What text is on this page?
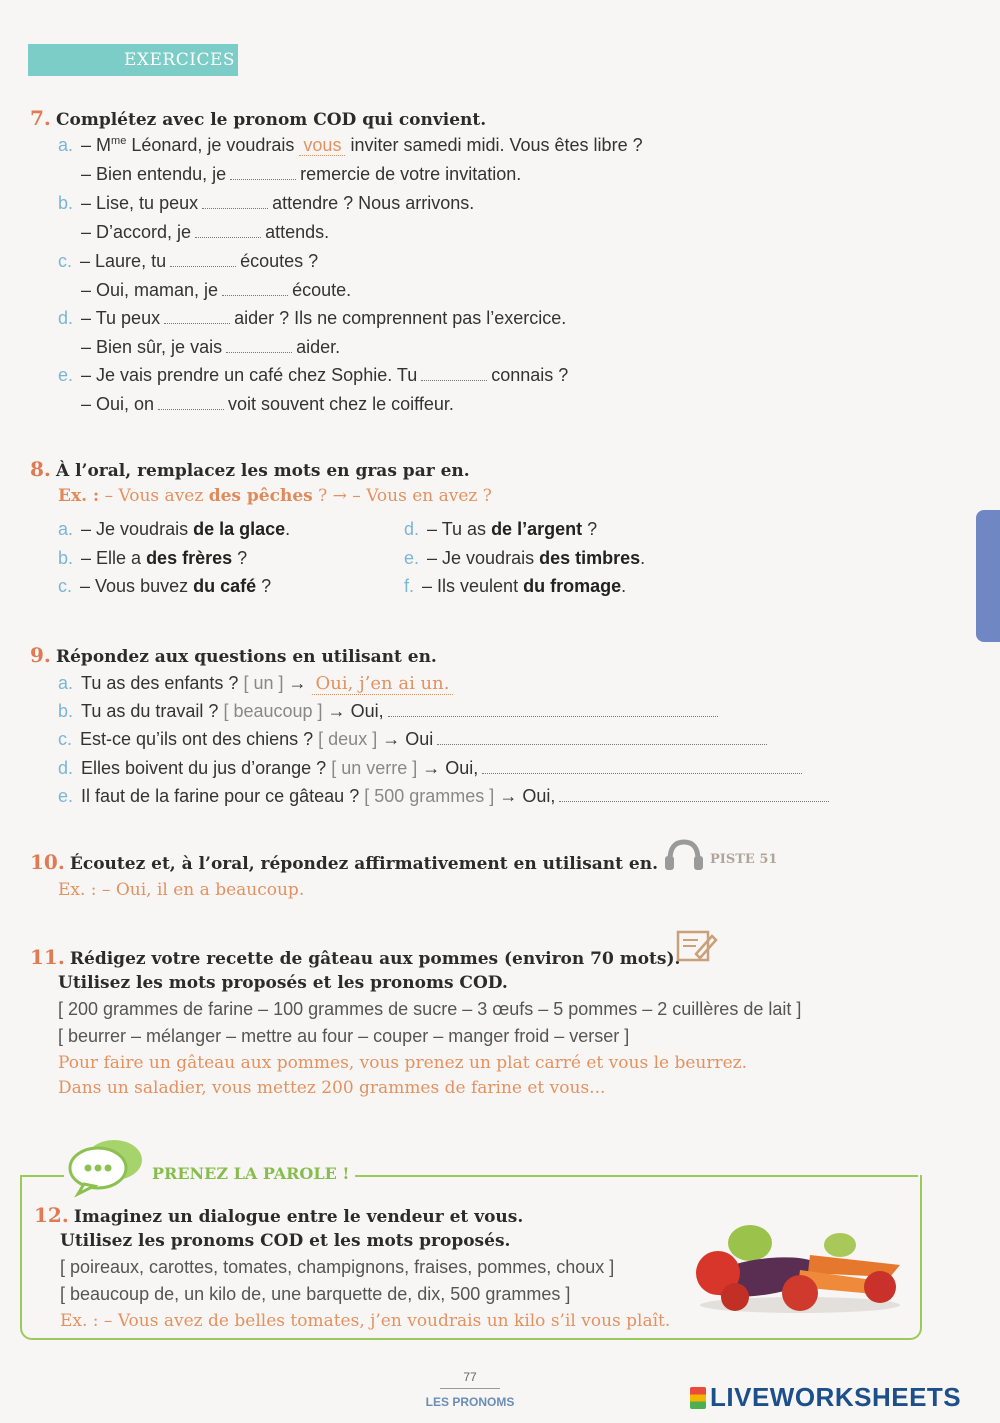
EXERCICES
7. Complétez avec le pronom COD qui convient.
a. – $M^{me}$ Léonard, je voudrais vous inviter samedi midi. Vous êtes libre ?
– Bien entendu, je	remercie de votre invitation.
b. – Lise, tu peux	attendre ? Nous arrivons.
– D’accord, je	attends.
c. – Laure, tu	écoutes ?
– Oui, maman, je	écoute.
d. – Tu peux	aider ? Ils ne comprennent pas l’exercice.
– Bien sûr, je vais	aider.
e. – Je vais prendre un café chez Sophie. Tu	connais ?
– Oui, on	voit souvent chez le coiffeur.
8. À l’oral, remplacez les mots en gras par en.
Ex. : – Vous avez des pêches ? → – Vous en avez ?
a. – Je voudrais de la glace.
b. – Elle a des frères ?
c. – Vous buvez du café ?
d. – Tu as de l’argent ?
e. – Je voudrais des timbres.
f. – Ils veulent du fromage.
9. Répondez aux questions en utilisant en.
a. Tu as des enfants ? [ un ] → Oui, j’en ai un.
b. Tu as du travail ? [ beaucoup ] → Oui,
c. Est-ce qu’ils ont des chiens ? [ deux ] → Oui
d. Elles boivent du jus d’orange ? [ un verre ] → Oui,
e. Il faut de la farine pour ce gâteau ? [ 500 grammes ] → Oui,
10. Écoutez et, à l’oral, répondez affirmativement en utilisant en.	PISTE 51
Ex. : – Oui, il en a beaucoup.
11. Rédigez votre recette de gâteau aux pommes (environ 70 mots).
Utilisez les mots proposés et les pronoms COD.
[ 200 grammes de farine – 100 grammes de sucre – 3 œufs – 5 pommes – 2 cuillères de lait ]
[ beurrer – mélanger – mettre au four – couper – manger froid – verser ]
Pour faire un gâteau aux pommes, vous prenez un plat carré et vous le beurrez.
Dans un saladier, vous mettez 200 grammes de farine et vous...
PRENEZ LA PAROLE !
12. Imaginez un dialogue entre le vendeur et vous.
Utilisez les pronoms COD et les mots proposés.
[ poireaux, carottes, tomates, champignons, fraises, pommes, choux ]
[ beaucoup de, un kilo de, une barquette de, dix, 500 grammes ]
Ex. : – Vous avez de belles tomates, j’en voudrais un kilo s’il vous plaît.
77
LES PRONOMS	LIVEWORKSHEETS
